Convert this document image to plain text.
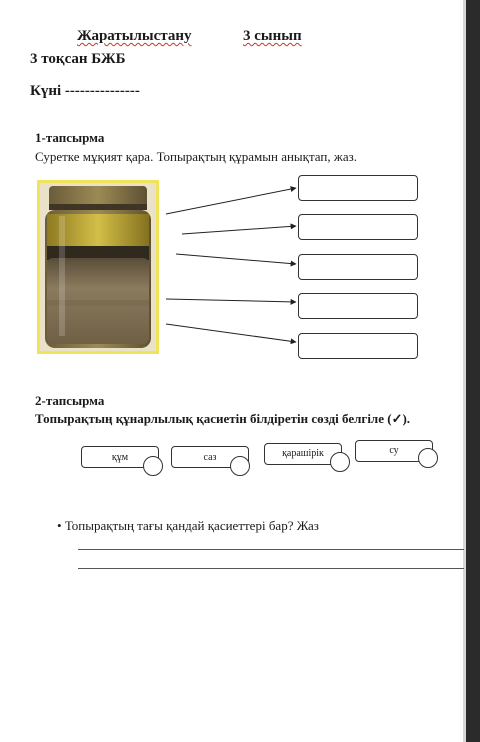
Жаратылыстану	3 сынып
3 тоқсан БЖБ
Күні ---------------
1-тапсырма
Суретке мұқият қара. Топырақтың құрамын анықтап, жаз.
2-тапсырма
Топырақтың құнарлылық қасиетін білдіретін сөзді белгіле (✓).
құм	саз	қарашірік	су
• Топырақтың тағы қандай қасиеттері бар? Жаз
